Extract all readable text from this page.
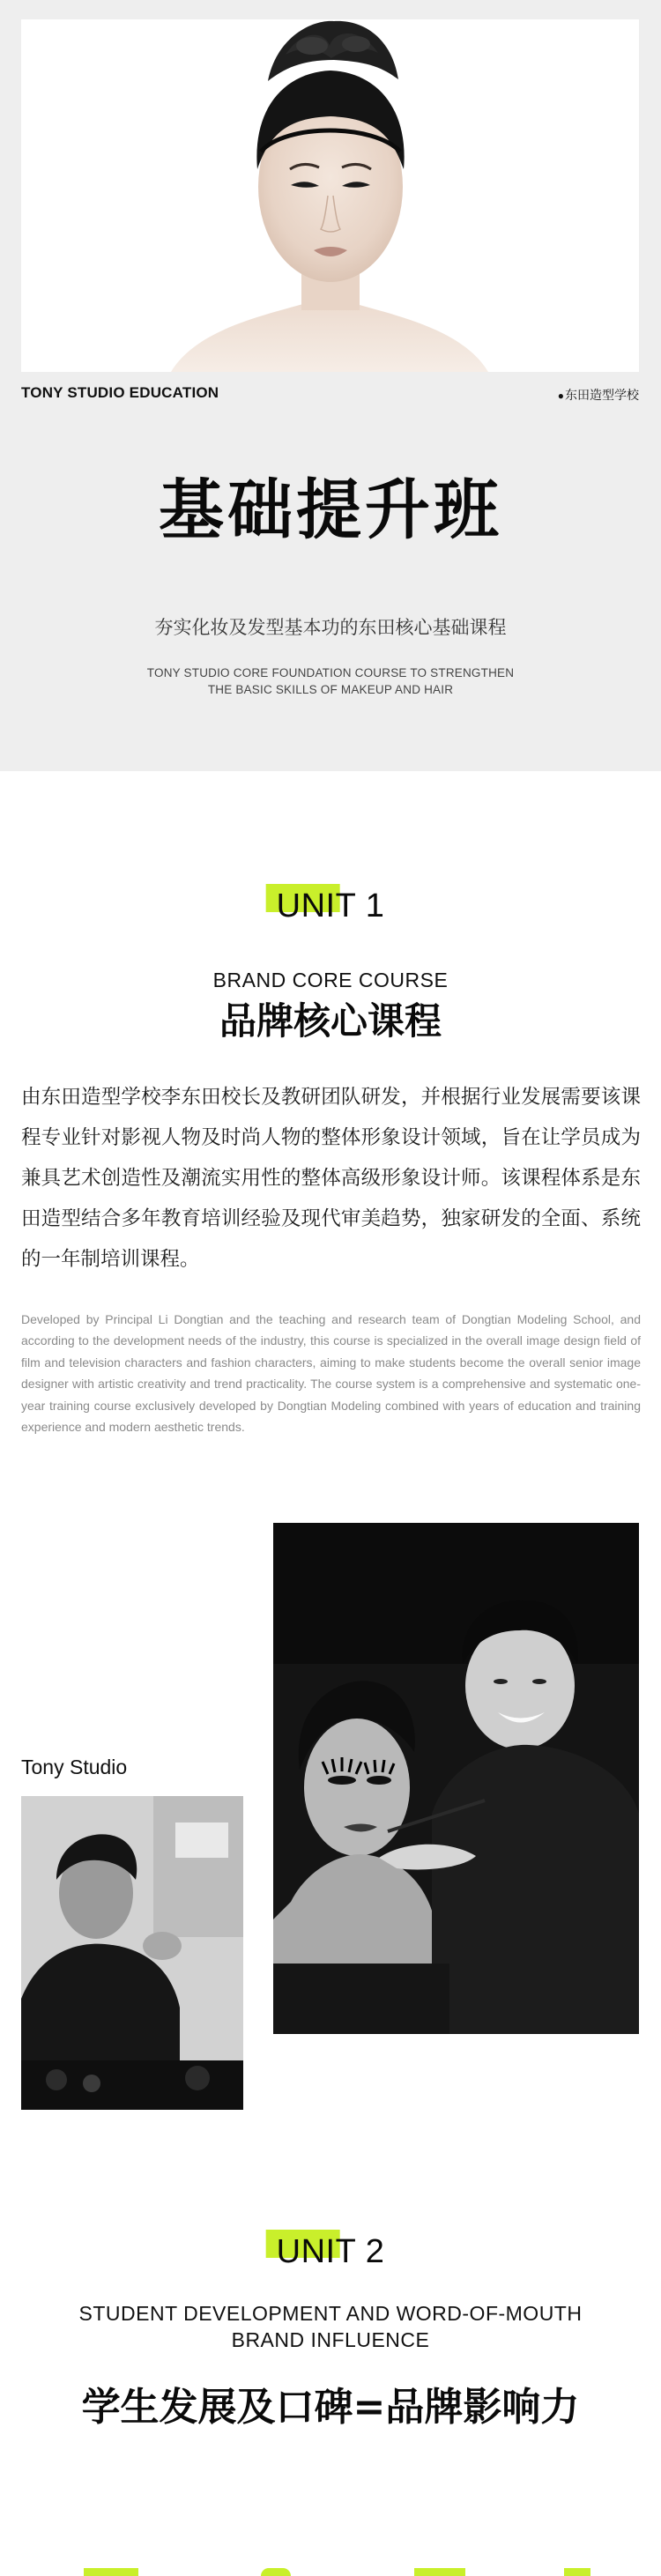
TONY STUDIO EDUCATION	●东田造型学校
基础提升班
夯实化妆及发型基本功的东田核心基础课程
TONY STUDIO CORE FOUNDATION COURSE TO STRENGTHEN
THE BASIC SKILLS OF MAKEUP AND HAIR
UNIT 1
BRAND CORE COURSE
品牌核心课程
由东田造型学校李东田校长及教研团队研发，并根据行业发展需要该课程专业针对影视人物及时尚人物的整体形象设计领域，旨在让学员成为兼具艺术创造性及潮流实用性的整体高级形象设计师。该课程体系是东田造型结合多年教育培训经验及现代审美趋势，独家研发的全面、系统的一年制培训课程。
Developed by Principal Li Dongtian and the teaching and research team of Dongtian Modeling School, and according to the development needs of the industry, this course is specialized in the overall image design field of film and television characters and fashion characters, aiming to make students become the overall senior image designer with artistic creativity and trend practicality. The course system is a comprehensive and systematic one-year training course exclusively developed by Dongtian Modeling combined with years of education and training experience and modern aesthetic trends.
Tony Studio
UNIT 2
STUDENT DEVELOPMENT AND WORD-OF-MOUTH
BRAND INFLUENCE
学生发展及口碑=品牌影响力
